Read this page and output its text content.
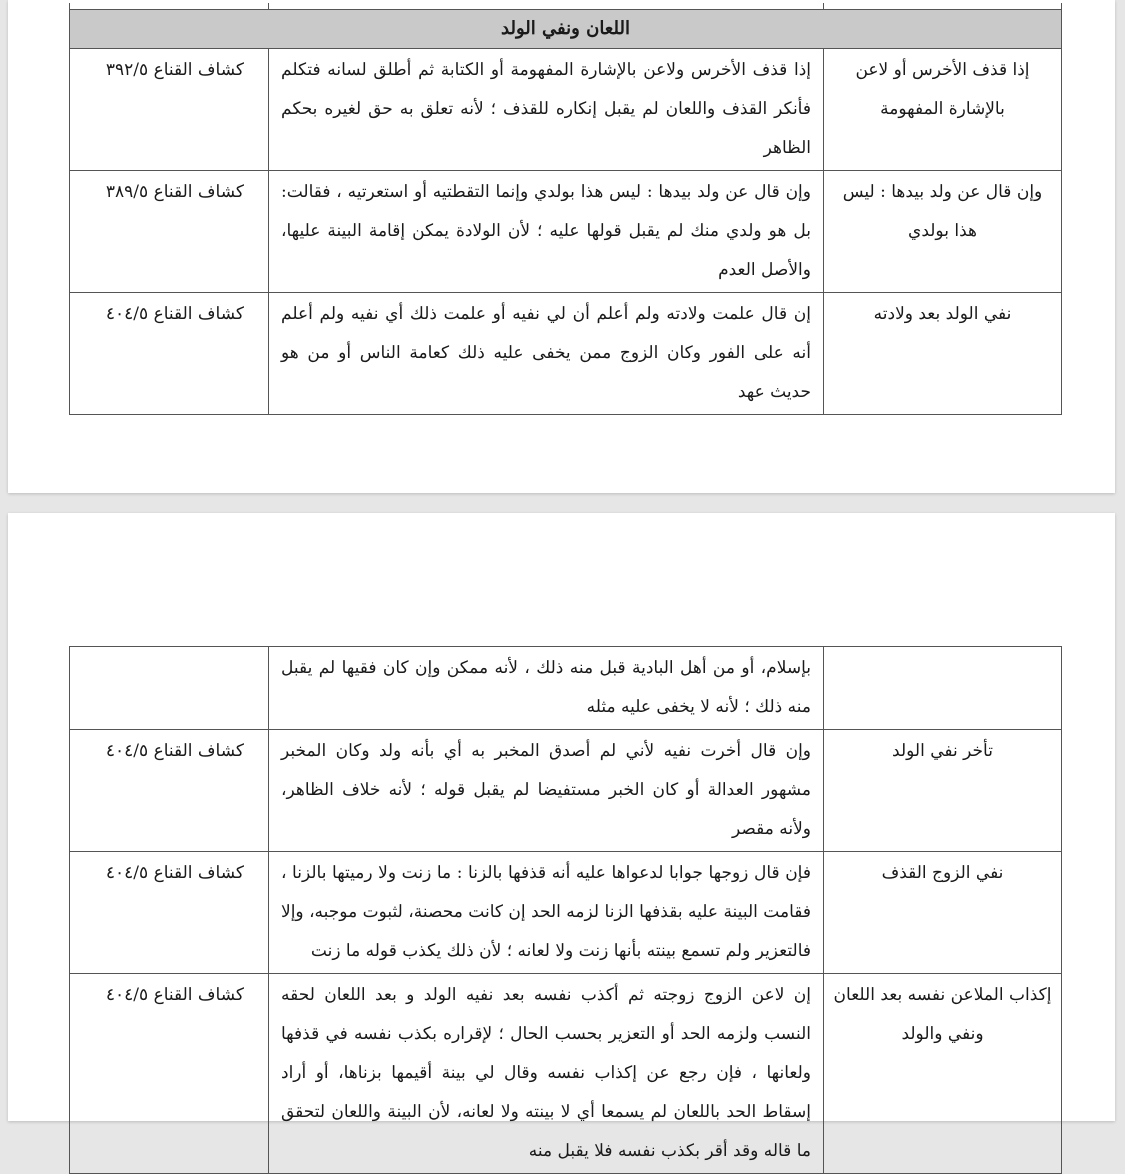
اللعان ونفي الولد		
إذا قذف الأخرس أو لاعن بالإشارة المفهومة	إذا قذف الأخرس ولاعن بالإشارة المفهومة أو الكتابة ثم أطلق لسانه فتكلم فأنكر القذف واللعان لم يقبل إنكاره للقذف ؛ لأنه تعلق به حق لغيره بحكم الظاهر	كشاف القناع ٣٩٢/٥
وإن قال عن ولد بيدها : ليس هذا بولدي	وإن قال عن ولد بيدها : ليس هذا بولدي وإنما التقطتيه أو استعرتيه ، فقالت: بل هو ولدي منك لم يقبل قولها عليه ؛ لأن الولادة يمكن إقامة البينة عليها، والأصل العدم	كشاف القناع ٣٨٩/٥
نفي الولد بعد ولادته	إن قال علمت ولادته ولم أعلم أن لي نفيه أو علمت ذلك أي نفيه ولم أعلم أنه على الفور وكان الزوج ممن يخفى عليه ذلك كعامة الناس أو من هو حديث عهد	كشاف القناع ٤٠٤/٥
	بإسلام، أو من أهل البادية قبل منه ذلك ، لأنه ممكن وإن كان فقيها لم يقبل منه ذلك ؛ لأنه لا يخفى عليه مثله	
تأخر نفي الولد	وإن قال أخرت نفيه لأني لم أصدق المخبر به أي بأنه ولد وكان المخبر مشهور العدالة أو كان الخبر مستفيضا لم يقبل قوله ؛ لأنه خلاف الظاهر، ولأنه مقصر	كشاف القناع ٤٠٤/٥
نفي الزوج القذف	فإن قال زوجها جوابا لدعواها عليه أنه قذفها بالزنا : ما زنت ولا رميتها بالزنا ، فقامت البينة عليه بقذفها الزنا لزمه الحد إن كانت محصنة، لثبوت موجبه، وإلا فالتعزير ولم تسمع بينته بأنها زنت ولا لعانه ؛ لأن ذلك يكذب قوله ما زنت	كشاف القناع ٤٠٤/٥
إكذاب الملاعن نفسه بعد اللعان ونفي والولد	إن لاعن الزوج زوجته ثم أكذب نفسه بعد نفيه الولد و بعد اللعان لحقه النسب ولزمه الحد أو التعزير بحسب الحال ؛ لإقراره بكذب نفسه في قذفها ولعانها ، فإن رجع عن إكذاب نفسه وقال لي بينة أقيمها بزناها، أو أراد إسقاط الحد باللعان لم يسمعا أي لا بينته ولا لعانه، لأن البينة واللعان لتحقق ما قاله وقد أقر بكذب نفسه فلا يقبل منه	كشاف القناع ٤٠٤/٥
